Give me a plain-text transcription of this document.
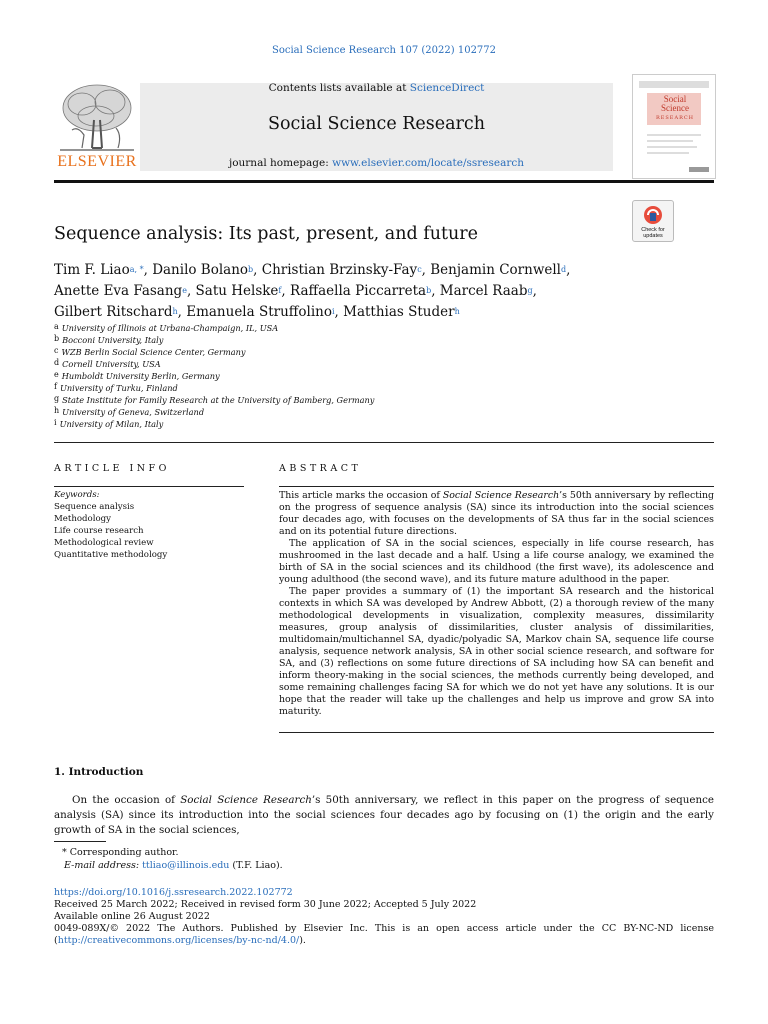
Social Science Research 107 (2022) 102772
Contents lists available at ScienceDirect
Social Science Research
journal homepage: www.elsevier.com/locate/ssresearch
ELSEVIER
Social Science
RESEARCH
Sequence analysis: Its past, present, and future	Check for updates
Tim F. Liao$^{a, *}$, Danilo Bolano$^b$, Christian Brzinsky-Fay$^c$, Benjamin Cornwell$^d$,
Anette Eva Fasang$^e$, Satu Helske$^f$, Raffaella Piccarreta$^b$, Marcel Raab$^g$,
Gilbert Ritschard$^h$, Emanuela Struffolino$^i$, Matthias Studer$^h$
$^a$ University of Illinois at Urbana-Champaign, IL, USA
$^b$ Bocconi University, Italy
$^c$ WZB Berlin Social Science Center, Germany
$^d$ Cornell University, USA
$^e$ Humboldt University Berlin, Germany
$^f$ University of Turku, Finland
$^g$ State Institute for Family Research at the University of Bamberg, Germany
$^h$ University of Geneva, Switzerland
$^i$ University of Milan, Italy
ARTICLE INFO
Keywords:
Sequence analysis
Methodology
Life course research
Methodological review
Quantitative methodology
ABSTRACT

This article marks the occasion of Social Science Research’s 50th anniversary by reflecting on the progress of sequence analysis (SA) since its introduction into the social sciences four decades ago, with focuses on the developments of SA thus far in the social sciences and on its potential future directions.

The application of SA in the social sciences, especially in life course research, has mushroomed in the last decade and a half. Using a life course analogy, we examined the birth of SA in the social sciences and its childhood (the first wave), its adolescence and young adulthood (the second wave), and its future mature adulthood in the paper.

The paper provides a summary of (1) the important SA research and the historical contexts in which SA was developed by Andrew Abbott, (2) a thorough review of the many methodological developments in visualization, complexity measures, dissimilarity measures, group analysis of dissimilarities, cluster analysis of dissimilarities, multidomain/multichannel SA, dyadic/polyadic SA, Markov chain SA, sequence life course analysis, sequence network analysis, SA in other social science research, and software for SA, and (3) reflections on some future directions of SA including how SA can benefit and inform theory-making in the social sciences, the methods currently being developed, and some remaining challenges facing SA for which we do not yet have any solutions. It is our hope that the reader will take up the challenges and help us improve and grow SA into maturity.

1. Introduction
On the occasion of Social Science Research’s 50th anniversary, we reflect in this paper on the progress of sequence analysis (SA) since its introduction into the social sciences four decades ago by focusing on (1) the origin and the early growth of SA in the social sciences,
* Corresponding author.
E-mail address: ttliao@illinois.edu (T.F. Liao).
https://doi.org/10.1016/j.ssresearch.2022.102772
Received 25 March 2022; Received in revised form 30 June 2022; Accepted 5 July 2022
Available online 26 August 2022
0049-089X/© 2022 The Authors. Published by Elsevier Inc. This is an open access article under the CC BY-NC-ND license (http://creativecommons.org/licenses/by-nc-nd/4.0/).
